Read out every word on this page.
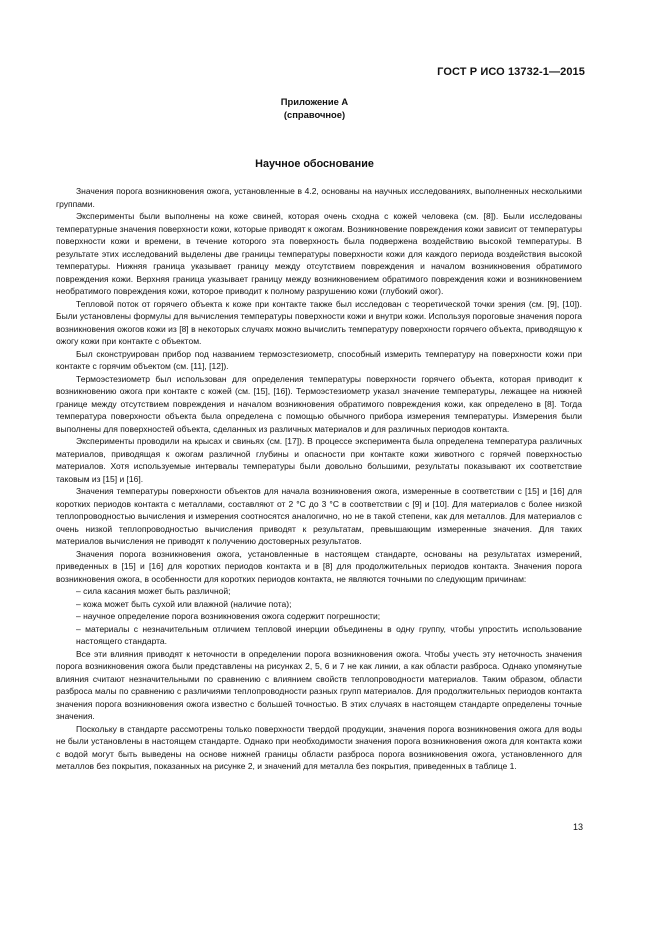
ГОСТ Р ИСО 13732-1—2015
Приложение А
(справочное)
Научное обоснование

Значения порога возникновения ожога, установленные в 4.2, основаны на научных исследованиях, выполненных несколькими группами.

Эксперименты были выполнены на коже свиней, которая очень сходна с кожей человека (см. [8]). Были исследованы температурные значения поверхности кожи, которые приводят к ожогам. Возникновение повреждения кожи зависит от температуры поверхности кожи и времени, в течение которого эта поверхность была подвержена воздействию высокой температуры. В результате этих исследований выделены две границы температуры поверхности кожи для каждого периода воздействия высокой температуры. Нижняя граница указывает границу между отсутствием повреждения и началом возникновения обратимого повреждения кожи. Верхняя граница указывает границу между возникновением обратимого повреждения кожи и возникновением необратимого повреждения кожи, которое приводит к полному разрушению кожи (глубокий ожог).

Тепловой поток от горячего объекта к коже при контакте также был исследован с теоретической точки зрения (см. [9], [10]). Были установлены формулы для вычисления температуры поверхности кожи и внутри кожи. Используя пороговые значения порога возникновения ожогов кожи из [8] в некоторых случаях можно вычислить температуру поверхности горячего объекта, приводящую к ожогу кожи при контакте с объектом.

Был сконструирован прибор под названием термоэстезиометр, способный измерить температуру на поверхности кожи при контакте с горячим объектом (см. [11], [12]).

Термоэстезиометр был использован для определения температуры поверхности горячего объекта, которая приводит к возникновению ожога при контакте с кожей (см. [15], [16]). Термоэстезиометр указал значение температуры, лежащее на нижней границе между отсутствием повреждения и началом возникновения обратимого повреждения кожи, как определено в [8]. Тогда температура поверхности объекта была определена с помощью обычного прибора измерения температуры. Измерения были выполнены для поверхностей объекта, сделанных из различных материалов и для различных периодов контакта.

Эксперименты проводили на крысах и свиньях (см. [17]). В процессе эксперимента была определена температура различных материалов, приводящая к ожогам различной глубины и опасности при контакте кожи животного с горячей поверхностью материалов. Хотя используемые интервалы температуры были довольно большими, результаты показывают их соответствие таковым из [15] и [16].

Значения температуры поверхности объектов для начала возникновения ожога, измеренные в соответствии с [15] и [16] для коротких периодов контакта с металлами, составляют от 2 °С до 3 °С в соответствии с [9] и [10]. Для материалов с более низкой теплопроводностью вычисления и измерения соотносятся аналогично, но не в такой степени, как для металлов. Для материалов с очень низкой теплопроводностью вычисления приводят к результатам, превышающим измеренные значения. Для таких материалов вычисления не приводят к получению достоверных результатов.

Значения порога возникновения ожога, установленные в настоящем стандарте, основаны на результатах измерений, приведенных в [15] и [16] для коротких периодов контакта и в [8] для продолжительных периодов контакта. Значения порога возникновения ожога, в особенности для коротких периодов контакта, не являются точными по следующим причинам:

– сила касания может быть различной;
– кожа может быть сухой или влажной (наличие пота);
– научное определение порога возникновения ожога содержит погрешности;
– материалы с незначительным отличием тепловой инерции объединены в одну группу, чтобы упростить использование настоящего стандарта.

Все эти влияния приводят к неточности в определении порога возникновения ожога. Чтобы учесть эту неточность значения порога возникновения ожога были представлены на рисунках 2, 5, 6 и 7 не как линии, а как области разброса. Однако упомянутые влияния считают незначительными по сравнению с влиянием свойств теплопроводности материалов. Таким образом, области разброса малы по сравнению с различиями теплопроводности разных групп материалов. Для продолжительных периодов контакта значения порога возникновения ожога известно с большей точностью. В этих случаях в настоящем стандарте определены точные значения.

Поскольку в стандарте рассмотрены только поверхности твердой продукции, значения порога возникновения ожога для воды не были установлены в настоящем стандарте. Однако при необходимости значения порога возникновения ожога для контакта кожи с водой могут быть выведены на основе нижней границы области разброса порога возникновения ожога, установленного для металлов без покрытия, показанных на рисунке 2, и значений для металла без покрытия, приведенных в таблице 1.

13
